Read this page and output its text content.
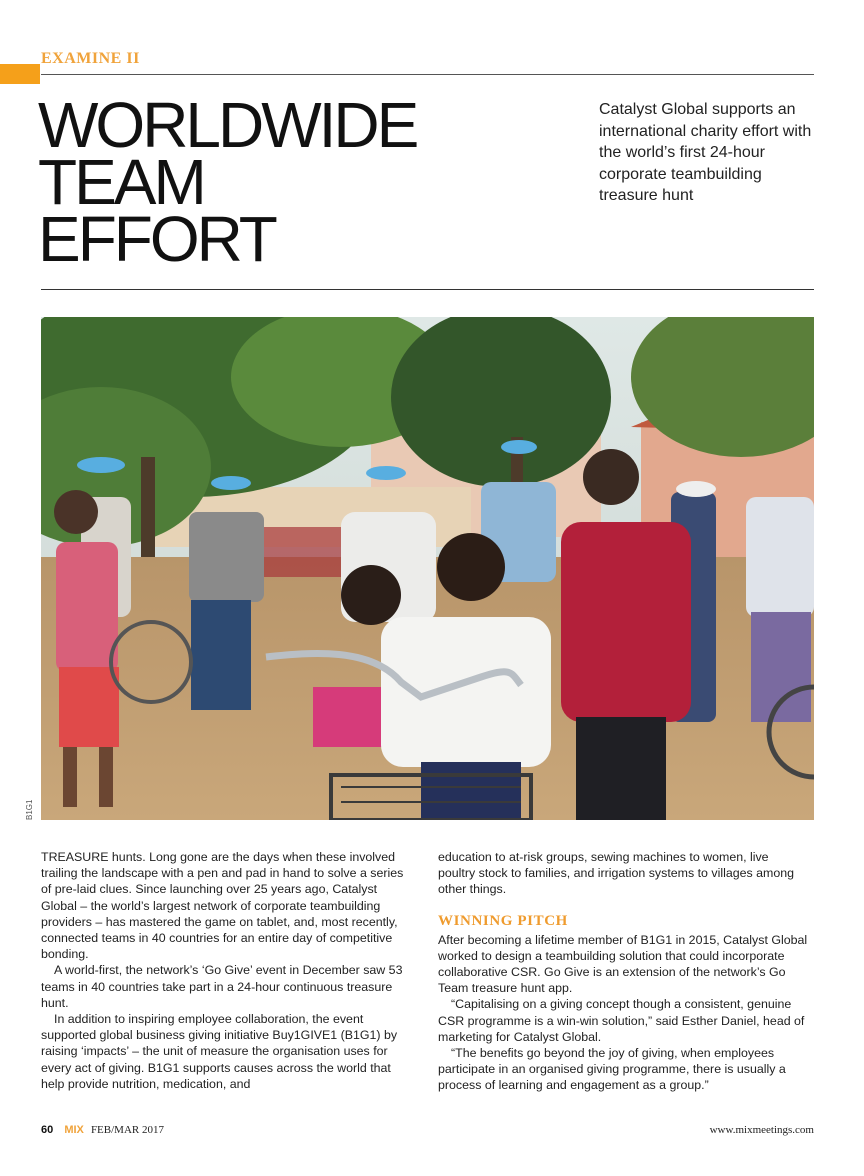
EXAMINE II
WORLDWIDE
TEAM
EFFORT
Catalyst Global supports an international charity effort with the world’s first 24-hour corporate teambuilding treasure hunt
B1G1

TREASURE hunts. Long gone are the days when these involved trailing the landscape with a pen and pad in hand to solve a series of pre-laid clues. Since launching over 25 years ago, Catalyst Global – the world’s largest network of corporate teambuilding providers – has mastered the game on tablet, and, most recently, connected teams in 40 countries for an entire day of competitive bonding.

A world-first, the network’s ‘Go Give’ event in December saw 53 teams in 40 countries take part in a 24-hour continuous treasure hunt.

In addition to inspiring employee collaboration, the event supported global business giving initiative Buy1GIVE1 (B1G1) by raising ‘impacts’ – the unit of measure the organisation uses for every act of giving. B1G1 supports causes across the world that help provide nutrition, medication, and

education to at-risk groups, sewing machines to women, live poultry stock to families, and irrigation systems to villages among other things.

WINNING PITCH

After becoming a lifetime member of B1G1 in 2015, Catalyst Global worked to design a teambuilding solution that could incorporate collaborative CSR. Go Give is an extension of the network’s Go Team treasure hunt app.

“Capitalising on a giving concept though a consistent, genuine CSR programme is a win-win solution,” said Esther Daniel, head of marketing for Catalyst Global.

“The benefits go beyond the joy of giving, when employees participate in an organised giving programme, there is usually a process of learning and engagement as a group.”

60 MIX FEB/MAR 2017	www.mixmeetings.com
